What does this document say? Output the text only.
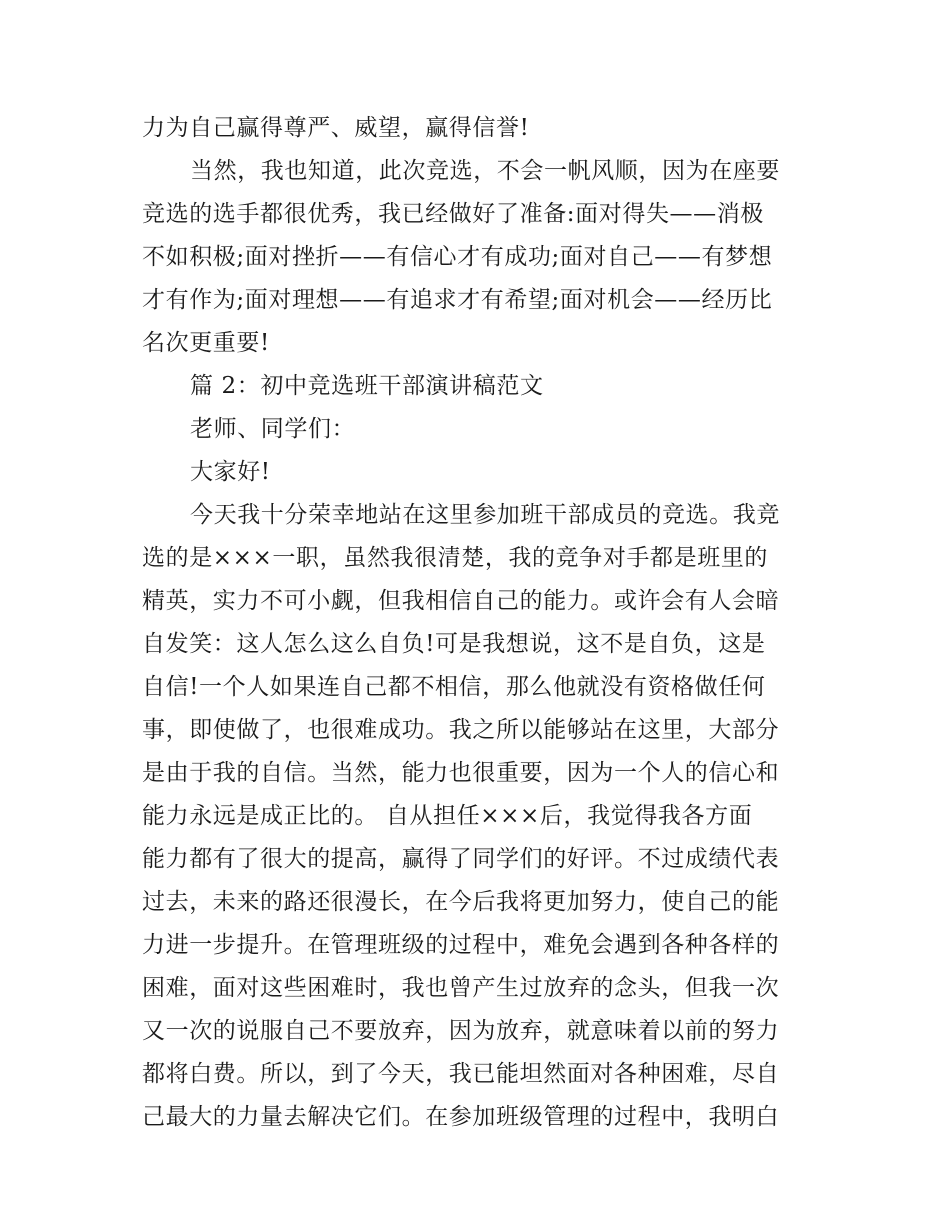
力为自己赢得尊严、威望，赢得信誉!
当然，我也知道，此次竞选，不会一帆风顺，因为在座要
竞选的选手都很优秀，我已经做好了准备:面对得失——消极
不如积极;面对挫折——有信心才有成功;面对自己——有梦想
才有作为;面对理想——有追求才有希望;面对机会——经历比
名次更重要!
篇 2：初中竞选班干部演讲稿范文
老师、同学们：
大家好!
今天我十分荣幸地站在这里参加班干部成员的竞选。我竞
选的是×××一职，虽然我很清楚，我的竞争对手都是班里的
精英，实力不可小觑，但我相信自己的能力。或许会有人会暗
自发笑：这人怎么这么自负!可是我想说，这不是自负，这是
自信!一个人如果连自己都不相信，那么他就没有资格做任何
事，即使做了，也很难成功。我之所以能够站在这里，大部分
是由于我的自信。当然，能力也很重要，因为一个人的信心和
能力永远是成正比的。 自从担任×××后，我觉得我各方面
能力都有了很大的提高，赢得了同学们的好评。不过成绩代表
过去，未来的路还很漫长，在今后我将更加努力，使自己的能
力进一步提升。在管理班级的过程中，难免会遇到各种各样的
困难，面对这些困难时，我也曾产生过放弃的念头，但我一次
又一次的说服自己不要放弃，因为放弃，就意味着以前的努力
都将白费。所以，到了今天，我已能坦然面对各种困难，尽自
己最大的力量去解决它们。在参加班级管理的过程中，我明白
